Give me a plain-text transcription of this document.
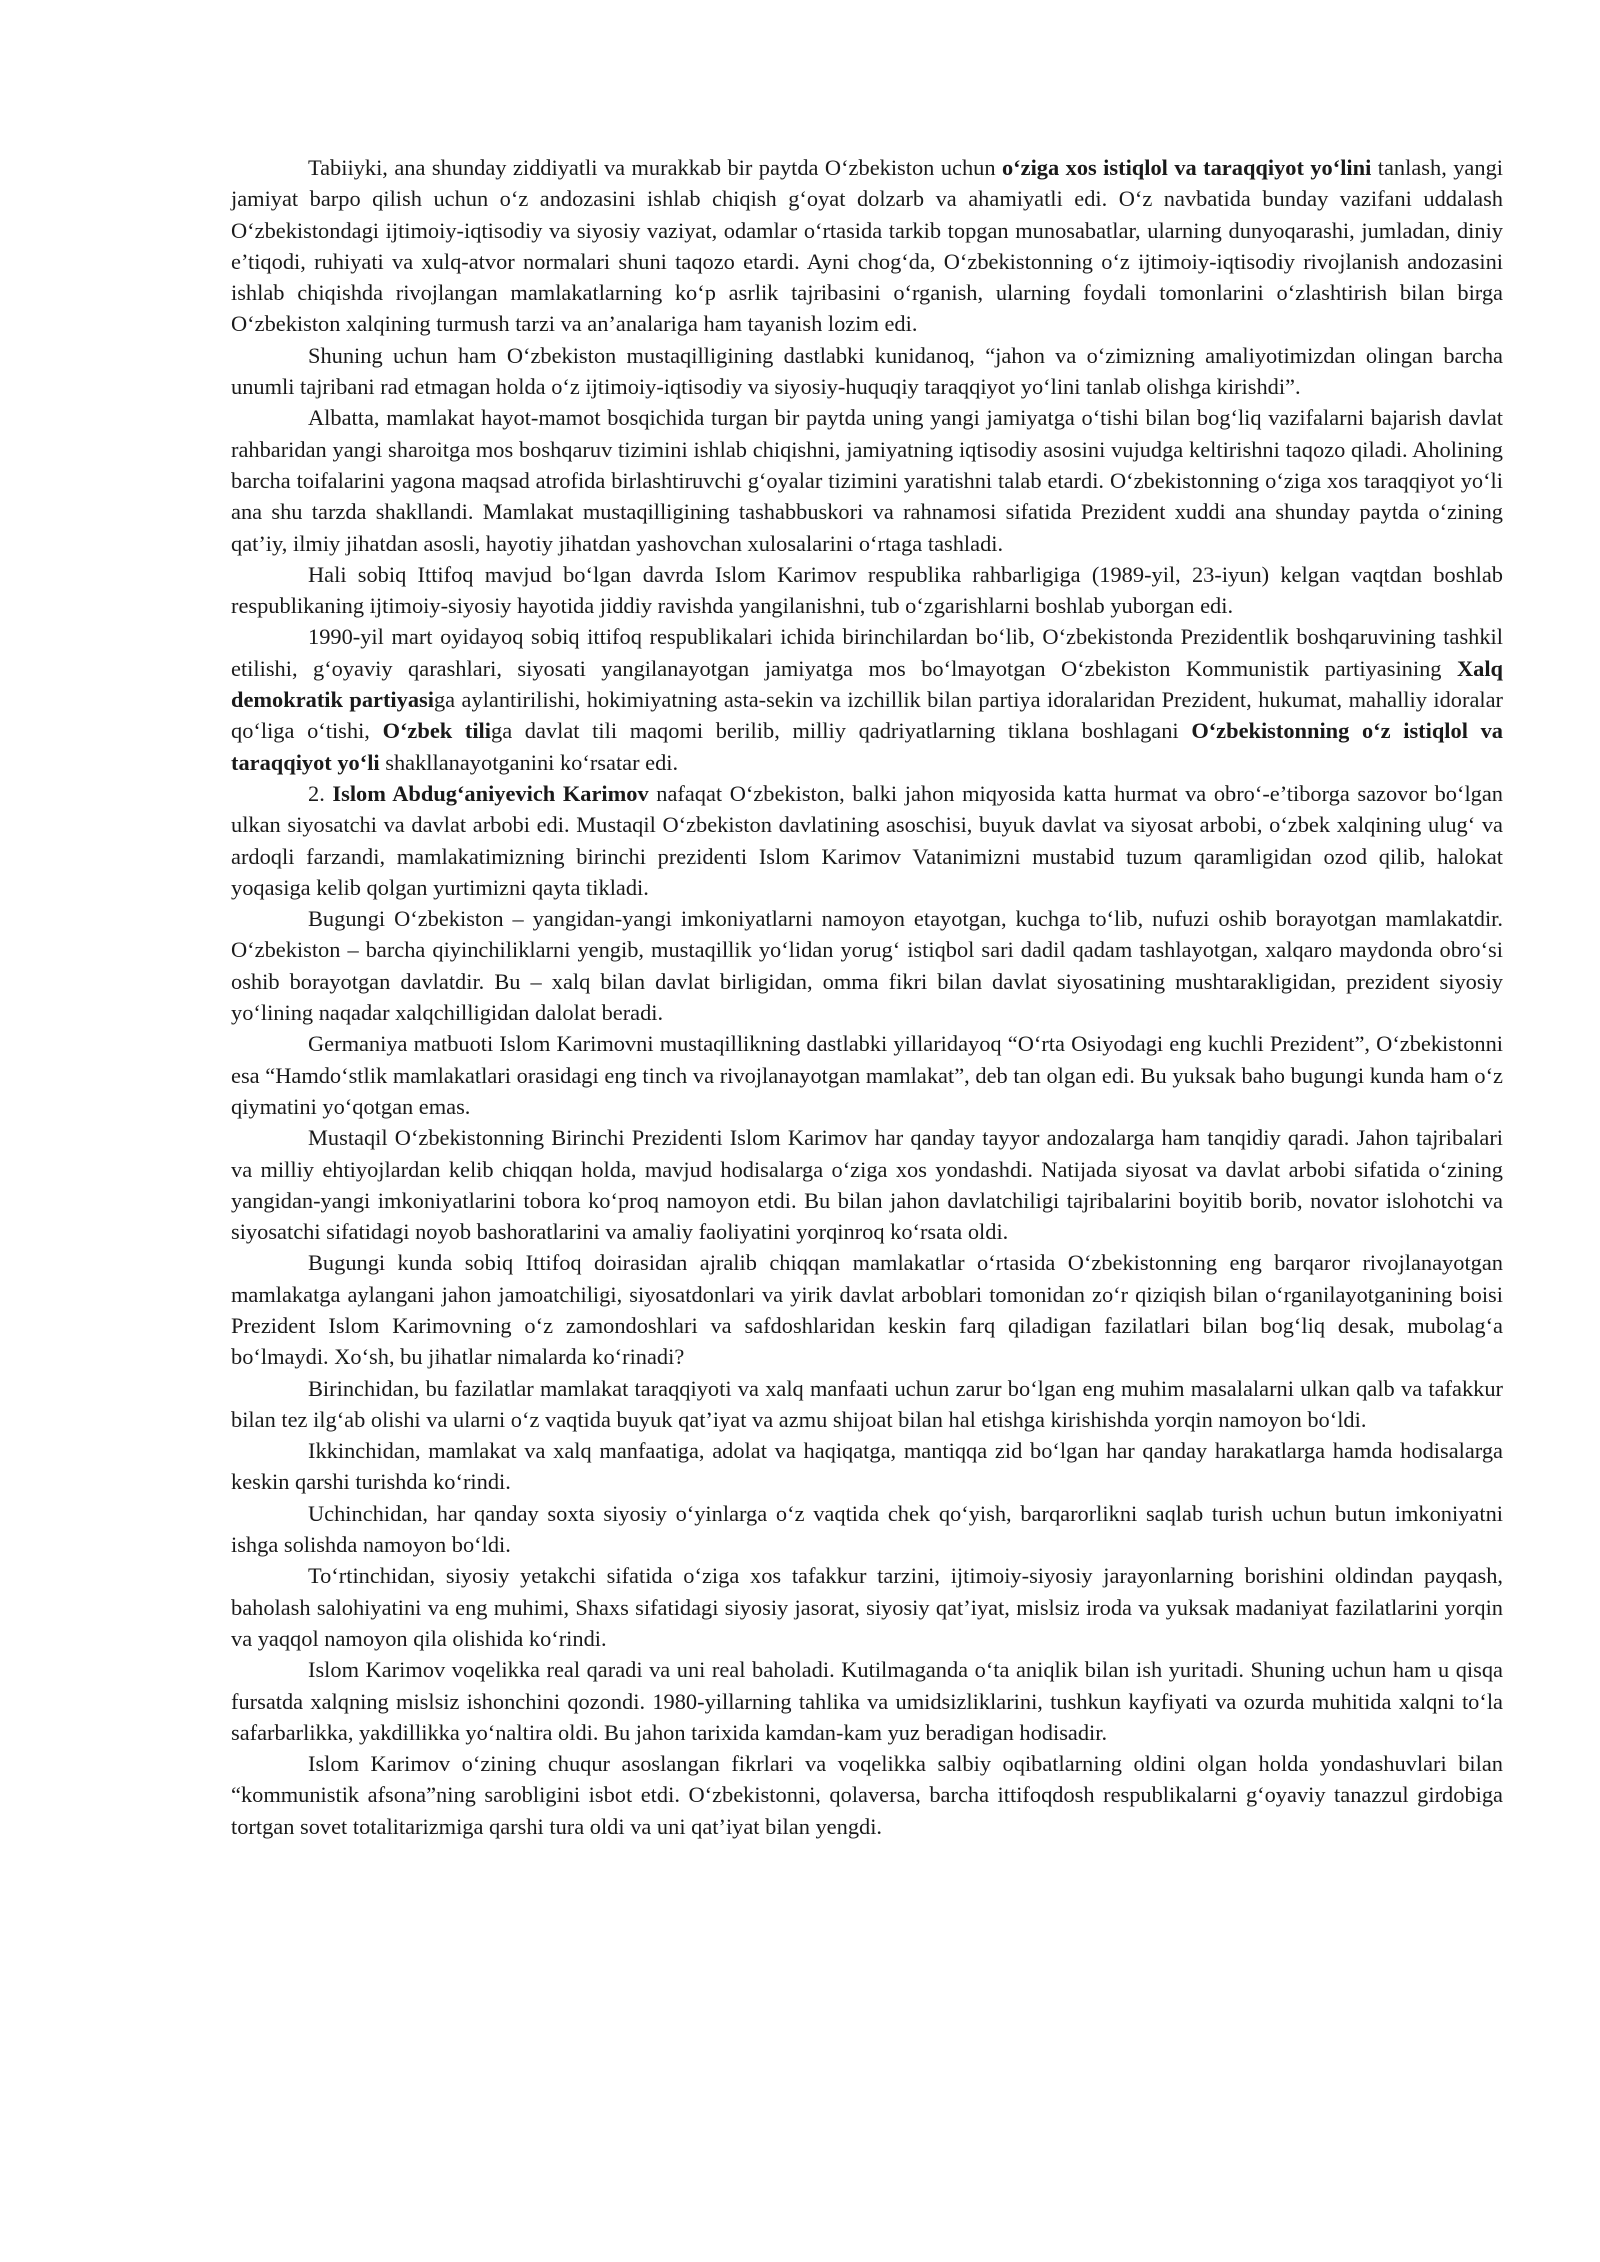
Tabiiyki, ana shunday ziddiyatli va murakkab bir paytda O‘zbekiston uchun o‘ziga xos istiqlol va taraqqiyot yo‘lini tanlash, yangi jamiyat barpo qilish uchun o‘z andozasini ishlab chiqish g‘oyat dolzarb va ahamiyatli edi. O‘z navbatida bunday vazifani uddalash O‘zbekistondagi ijtimoiy-iqtisodiy va siyosiy vaziyat, odamlar o‘rtasida tarkib topgan munosabatlar, ularning dunyoqarashi, jumladan, diniy e’tiqodi, ruhiyati va xulq-atvor normalari shuni taqozo etardi. Ayni chog‘da, O‘zbekistonning o‘z ijtimoiy-iqtisodiy rivojlanish andozasini ishlab chiqishda rivojlangan mamlakatlarning ko‘p asrlik tajribasini o‘rganish, ularning foydali tomonlarini o‘zlashtirish bilan birga O‘zbekiston xalqining turmush tarzi va an’analariga ham tayanish lozim edi.

Shuning uchun ham O‘zbekiston mustaqilligining dastlabki kunidanoq, “jahon va o‘zimizning amaliyotimizdan olingan barcha unumli tajribani rad etmagan holda o‘z ijtimoiy-iqtisodiy va siyosiy-huquqiy taraqqiyot yo‘lini tanlab olishga kirishdi”.

Albatta, mamlakat hayot-mamot bosqichida turgan bir paytda uning yangi jamiyatga o‘tishi bilan bog‘liq vazifalarni bajarish davlat rahbaridan yangi sharoitga mos boshqaruv tizimini ishlab chiqishni, jamiyatning iqtisodiy asosini vujudga keltirishni taqozo qiladi. Aholining barcha toifalarini yagona maqsad atrofida birlashtiruvchi g‘oyalar tizimini yaratishni talab etardi. O‘zbekistonning o‘ziga xos taraqqiyot yo‘li ana shu tarzda shakllandi. Mamlakat mustaqilligining tashabbuskori va rahnamosi sifatida Prezident xuddi ana shunday paytda o‘zining qat’iy, ilmiy jihatdan asosli, hayotiy jihatdan yashovchan xulosalarini o‘rtaga tashladi.

Hali sobiq Ittifoq mavjud bo‘lgan davrda Islom Karimov respublika rahbarligiga (1989-yil, 23-iyun) kelgan vaqtdan boshlab respublikaning ijtimoiy-siyosiy hayotida jiddiy ravishda yangilanishni, tub o‘zgarishlarni boshlab yuborgan edi.

1990-yil mart oyidayoq sobiq ittifoq respublikalari ichida birinchilardan bo‘lib, O‘zbekistonda Prezidentlik boshqaruvining tashkil etilishi, g‘oyaviy qarashlari, siyosati yangilanayotgan jamiyatga mos bo‘lmayotgan O‘zbekiston Kommunistik partiyasining Xalq demokratik partiyasiga aylantirilishi, hokimiyatning asta-sekin va izchillik bilan partiya idoralaridan Prezident, hukumat, mahalliy idoralar qo‘liga o‘tishi, O‘zbek tiliga davlat tili maqomi berilib, milliy qadriyatlarning tiklana boshlagani O‘zbekistonning o‘z istiqlol va taraqqiyot yo‘li shakllanayotganini ko‘rsatar edi.

2. Islom Abdug‘aniyevich Karimov nafaqat O‘zbekiston, balki jahon miqyosida katta hurmat va obro‘-e’tiborga sazovor bo‘lgan ulkan siyosatchi va davlat arbobi edi. Mustaqil O‘zbekiston davlatining asoschisi, buyuk davlat va siyosat arbobi, o‘zbek xalqining ulug‘ va ardoqli farzandi, mamlakatimizning birinchi prezidenti Islom Karimov Vatanimizni mustabid tuzum qaramligidan ozod qilib, halokat yoqasiga kelib qolgan yurtimizni qayta tikladi.

Bugungi O‘zbekiston – yangidan-yangi imkoniyatlarni namoyon etayotgan, kuchga to‘lib, nufuzi oshib borayotgan mamlakatdir. O‘zbekiston – barcha qiyinchiliklarni yengib, mustaqillik yo‘lidan yorug‘ istiqbol sari dadil qadam tashlayotgan, xalqaro maydonda obro‘si oshib borayotgan davlatdir. Bu – xalq bilan davlat birligidan, omma fikri bilan davlat siyosatining mushtarakligidan, prezident siyosiy yo‘lining naqadar xalqchilligidan dalolat beradi.

Germaniya matbuoti Islom Karimovni mustaqillikning dastlabki yillaridayoq “O‘rta Osiyodagi eng kuchli Prezident”, O‘zbekistonni esa “Hamdo‘stlik mamlakatlari orasidagi eng tinch va rivojlanayotgan mamlakat”, deb tan olgan edi. Bu yuksak baho bugungi kunda ham o‘z qiymatini yo‘qotgan emas.

Mustaqil O‘zbekistonning Birinchi Prezidenti Islom Karimov har qanday tayyor andozalarga ham tanqidiy qaradi. Jahon tajribalari va milliy ehtiyojlardan kelib chiqqan holda, mavjud hodisalarga o‘ziga xos yondashdi. Natijada siyosat va davlat arbobi sifatida o‘zining yangidan-yangi imkoniyatlarini tobora ko‘proq namoyon etdi. Bu bilan jahon davlatchiligi tajribalarini boyitib borib, novator islohotchi va siyosatchi sifatidagi noyob bashoratlarini va amaliy faoliyatini yorqinroq ko‘rsata oldi.

Bugungi kunda sobiq Ittifoq doirasidan ajralib chiqqan mamlakatlar o‘rtasida O‘zbekistonning eng barqaror rivojlanayotgan mamlakatga aylangani jahon jamoatchiligi, siyosatdonlari va yirik davlat arboblari tomonidan zo‘r qiziqish bilan o‘rganilayotganining boisi Prezident Islom Karimovning o‘z zamondoshlari va safdoshlaridan keskin farq qiladigan fazilatlari bilan bog‘liq desak, mubolag‘a bo‘lmaydi. Xo‘sh, bu jihatlar nimalarda ko‘rinadi?

Birinchidan, bu fazilatlar mamlakat taraqqiyoti va xalq manfaati uchun zarur bo‘lgan eng muhim masalalarni ulkan qalb va tafakkur bilan tez ilg‘ab olishi va ularni o‘z vaqtida buyuk qat’iyat va azmu shijoat bilan hal etishga kirishishda yorqin namoyon bo‘ldi.

Ikkinchidan, mamlakat va xalq manfaatiga, adolat va haqiqatga, mantiqqa zid bo‘lgan har qanday harakatlarga hamda hodisalarga keskin qarshi turishda ko‘rindi.

Uchinchidan, har qanday soxta siyosiy o‘yinlarga o‘z vaqtida chek qo‘yish, barqarorlikni saqlab turish uchun butun imkoniyatni ishga solishda namoyon bo‘ldi.

To‘rtinchidan, siyosiy yetakchi sifatida o‘ziga xos tafakkur tarzini, ijtimoiy-siyosiy jarayonlarning borishini oldindan payqash, baholash salohiyatini va eng muhimi, Shaxs sifatidagi siyosiy jasorat, siyosiy qat’iyat, mislsiz iroda va yuksak madaniyat fazilatlarini yorqin va yaqqol namoyon qila olishida ko‘rindi.

Islom Karimov voqelikka real qaradi va uni real baholadi. Kutilmaganda o‘ta aniqlik bilan ish yuritadi. Shuning uchun ham u qisqa fursatda xalqning mislsiz ishonchini qozondi. 1980-yillarning tahlika va umidsizliklarini, tushkun kayfiyati va ozurda muhitida xalqni to‘la safarbarlikka, yakdillikka yo‘naltira oldi. Bu jahon tarixida kamdan-kam yuz beradigan hodisadir.

Islom Karimov o‘zining chuqur asoslangan fikrlari va voqelikka salbiy oqibatlarning oldini olgan holda yondashuvlari bilan “kommunistik afsona”ning sarobligini isbot etdi. O‘zbekistonni, qolaversa, barcha ittifoqdosh respublikalarni g‘oyaviy tanazzul girdobiga tortgan sovet totalitarizmiga qarshi tura oldi va uni qat’iyat bilan yengdi.
